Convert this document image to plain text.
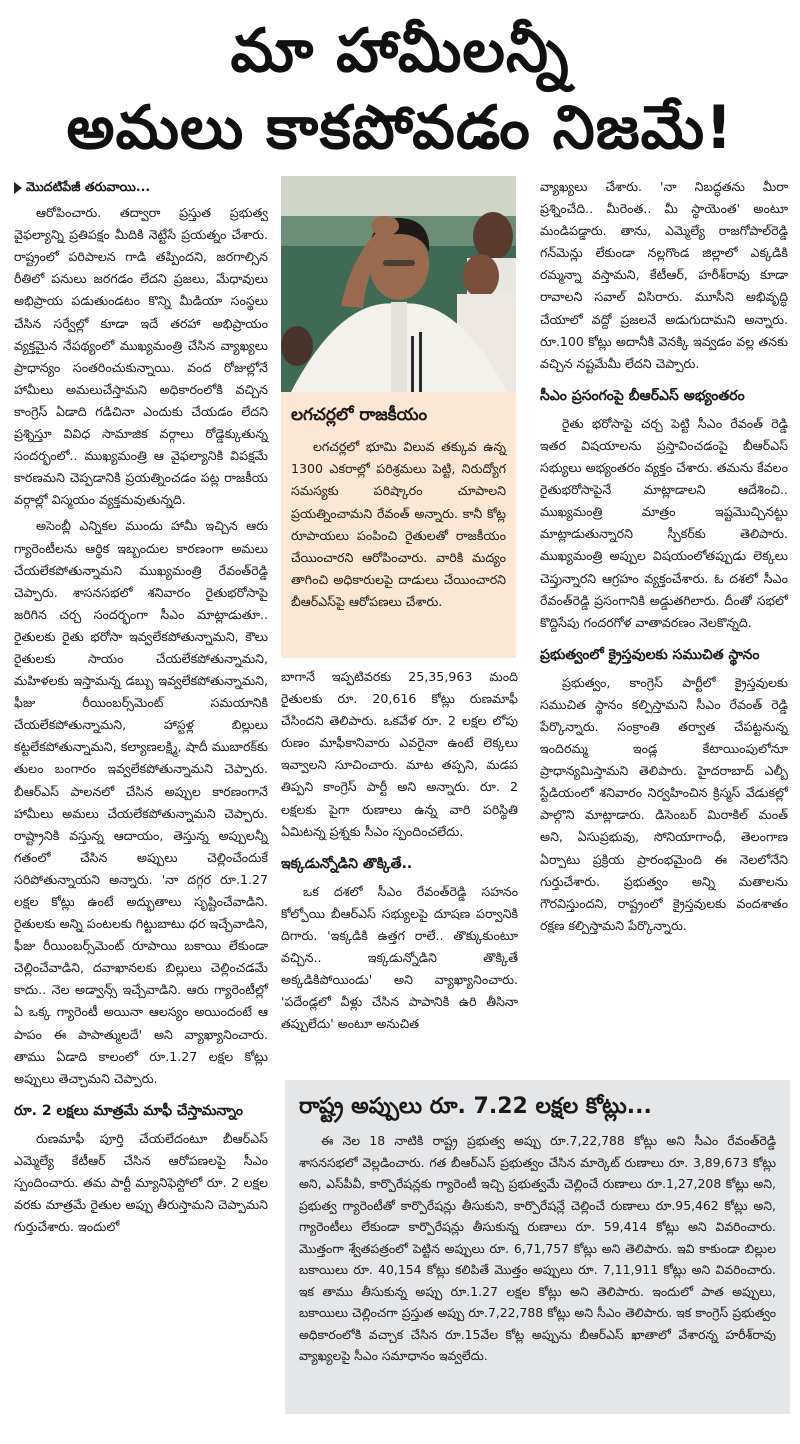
మా హామీలన్నీ
అమలు కాకపోవడం నిజమే!

మొదటిపేజీ తరువాయి...

ఆరోపించారు. తద్వారా ప్రస్తుత ప్రభుత్వ వైఫల్యాన్ని ప్రతిపక్షం మీదికి నెట్టేసే ప్రయత్నం చేశారు. రాష్ట్రంలో పరిపాలన గాడి తప్పిందని, జరగాల్సిన రీతిలో పనులు జరగడం లేదని ప్రజలు, మేధావులు అభిప్రాయ పడుతుండటం కొన్ని మీడియా సంస్థలు చేసిన సర్వేల్లో కూడా ఇదే తరహా అభిప్రాయం వ్యక్తమైన నేపథ్యంలో ముఖ్యమంత్రి చేసిన వ్యాఖ్యలు ప్రాధాన్యం సంతరించుకున్నాయి. వంద రోజుల్లోనే హామీలు అమలుచేస్తామని అధికారంలోకి వచ్చిన కాంగ్రెస్ ఏడాది గడిచినా ఎందుకు చేయడం లేదని ప్రశ్నిస్తూ వివిధ సామాజిక వర్గాలు రోడ్డెక్కుతున్న సందర్భంలో.. ముఖ్యమంత్రి ఆ వైఫల్యానికి విపక్షమే కారణమని చెప్పడానికి ప్రయత్నించడం పట్ల రాజకీయ వర్గాల్లో విస్మయం వ్యక్తమవుతున్నది.

అసెంబ్లీ ఎన్నికల ముందు హామీ ఇచ్చిన ఆరు గ్యారెంటీలను ఆర్థిక ఇబ్బందుల కారణంగా అమలు చేయలేకపోతున్నామని ముఖ్యమంత్రి రేవంత్‌రెడ్డి చెప్పారు. శాసనసభలో శనివారం రైతుభరోసాపై జరిగిన చర్చ సందర్భంగా సీఎం మాట్లాడుతూ.. రైతులకు రైతు భరోసా ఇవ్వలేకపోతున్నామని, కౌలు రైతులకు సాయం చేయలేకపోతున్నామని, మహిళలకు ఇస్తామన్న డబ్బు ఇవ్వలేకపోతున్నామని, ఫీజు రీయింబర్స్‌మెంట్ సమయానికి చేయలేకపోతున్నామని, హాస్టళ్ల బిల్లులు కట్టలేకపోతున్నామని, కల్యాణలక్ష్మి, షాదీ ముబారక్‌కు తులం బంగారం ఇవ్వలేకపోతున్నామని చెప్పారు. బీఆర్ఎస్ పాలనలో చేసిన అప్పుల కారణంగానే హామీలు అమలు చేయలేకపోతున్నామని చెప్పారు. రాష్ట్రానికి వస్తున్న ఆదాయం, తెస్తున్న అప్పులన్నీ గతంలో చేసిన అప్పులు చెల్లించేందుకే సరిపోతున్నాయని అన్నారు. 'నా దగ్గర రూ.1.27 లక్షల కోట్లు ఉంటే అద్భుతాలు సృష్టించేవాడిని. రైతులకు అన్ని పంటలకు గిట్టుబాటు ధర ఇచ్చేవాడిని, ఫీజు రీయింబర్స్‌మెంట్ రూపాయి బకాయి లేకుండా చెల్లించేవాడిని, దవాఖానలకు బిల్లులు చెల్లించడమే కాదు.. నెల అడ్వాన్స్ ఇచ్చేవాడిని. ఆరు గ్యారెంటీల్లో ఏ ఒక్క గ్యారెంటీ అయినా ఆలస్యం అయిందంటే ఆ పాపం ఈ పాపాత్ములదే' అని వ్యాఖ్యానించారు. తాము ఏడాది కాలంలో రూ.1.27 లక్షల కోట్లు అప్పులు తెచ్చామని చెప్పారు.

రూ. 2 లక్షలు మాత్రమే మాఫీ చేస్తామన్నాం

రుణమాఫీ పూర్తి చేయలేదంటూ బీఆర్ఎస్ ఎమ్మెల్యే కేటీఆర్ చేసిన ఆరోపణలపై సీఎం స్పందించారు. తమ పార్టీ మ్యానిఫెస్టోలో రూ. 2 లక్షల వరకు మాత్రమే రైతుల అప్పు తీరుస్తామని చెప్పామని గుర్తుచేశారు. ఇందులో

లగచర్లలో రాజకీయం
లగచర్లలో భూమి విలువ తక్కువ ఉన్న 1300 ఎకరాల్లో పరిశ్రమలు పెట్టి, నిరుద్యోగ సమస్యకు పరిష్కారం చూపాలని ప్రయత్నించామని రేవంత్ అన్నారు. కానీ కోట్ల రూపాయలు పంపించి రైతులతో రాజకీయం చేయించారని ఆరోపించారు. వారికి మద్యం తాగించి అధికారులపై దాడులు చేయించారని బీఆర్ఎస్‌పై ఆరోపణలు చేశారు.

బాగానే ఇప్పటివరకు 25,35,963 మంది రైతులకు రూ. 20,616 కోట్లు రుణమాఫీ చేసిందని తెలిపారు. ఒకవేళ రూ. 2 లక్షల లోపు రుణం మాఫీకానివారు ఎవరైనా ఉంటే లెక్కలు ఇవ్వాలని సూచించారు. మాట తప్పని, మడప తిప్పని కాంగ్రెస్ పార్టీ అని అన్నారు. రూ. 2 లక్షలకు పైగా రుణాలు ఉన్న వారి పరిస్థితి ఏమిటన్న ప్రశ్నకు సీఎం స్పందించలేదు.

ఇక్కడున్నోడిని తొక్కితే..

ఒక దశలో సీఎం రేవంత్‌రెడ్డి సహనం కోల్పోయి బీఆర్ఎస్ సభ్యులపై దూషణ పర్వానికి దిగారు. 'ఇక్కడికి ఉత్తగ రాలే.. తొక్కుకుంటూ వచ్చిన.. ఇక్కడున్నోడిని తొక్కితే అక్కడికిపోయిండు' అని వ్యాఖ్యానించారు. 'పదేండ్లలో వీళ్లు చేసిన పాపానికి ఉరి తీసినా తప్పులేదు' అంటూ అనుచిత

వ్యాఖ్యలు చేశారు. 'నా నిబద్ధతను మీరా ప్రశ్నించేది.. మీరెంత.. మీ స్థాయెంత' అంటూ మండిపడ్డారు. తాను, ఎమ్మెల్యే రాజగోపాల్‌రెడ్డి గన్‌మెన్లు లేకుండా నల్లగొండ జిల్లాలో ఎక్కడికి రమ్మన్నా వస్తామని, కేటీఆర్, హరీశ్‌రావు కూడా రావాలని సవాల్ విసిరారు. మూసీని అభివృద్ధి చేయాలో వద్దో ప్రజలనే అడుగుదామని అన్నారు. రూ.100 కోట్లు అదానీకి వెనక్కి ఇవ్వడం వల్ల తనకు వచ్చిన నష్టమేమీ లేదని చెప్పారు.

సీఎం ప్రసంగంపై బీఆర్ఎస్ అభ్యంతరం

రైతు భరోసాపై చర్చ పెట్టి సీఎం రేవంత్ రెడ్డి ఇతర విషయాలను ప్రస్తావించడంపై బీఆర్ఎస్ సభ్యులు అభ్యంతరం వ్యక్తం చేశారు. తమను కేవలం రైతుభరోసాపైనే మాట్లాడాలని ఆదేశించి.. ముఖ్యమంత్రి మాత్రం ఇష్టమొచ్చినట్టు మాట్లాడుతున్నారని స్పీకర్‌కు తెలిపారు. ముఖ్యమంత్రి అప్పుల విషయంలోతప్పుడు లెక్కలు చెప్తున్నారని ఆగ్రహం వ్యక్తంచేశారు. ఓ దశలో సీఎం రేవంత్‌రెడ్డి ప్రసంగానికి అడ్డుతగిలారు. దీంతో సభలో కొద్దిసేపు గందరగోళ వాతావరణం నెలకొన్నది.

ప్రభుత్వంలో క్రైస్తవులకు సముచిత స్థానం

ప్రభుత్వం, కాంగ్రెస్ పార్టీలో క్రైస్తవులకు సముచిత స్థానం కల్పిస్తామని సీఎం రేవంత్ రెడ్డి పేర్కొన్నారు. సంక్రాంతి తర్వాత చేపట్టనున్న ఇందిరమ్మ ఇండ్ల కేటాయింపులోనూ ప్రాధాన్యమిస్తామని తెలిపారు. హైదరాబాద్ ఎల్బీ స్టేడియంలో శనివారం నిర్వహించిన క్రిస్మస్ వేడుకల్లో పాల్గొని మాట్లాడారు. డిసెంబర్ మిరాకిల్ మంత్ అని, ఏసుప్రభువు, సోనియాగాంధీ, తెలంగాణ ఏర్పాటు ప్రక్రియ ప్రారంభమైంది ఈ నెలలోనేని గుర్తుచేశారు. ప్రభుత్వం అన్ని మతాలను గౌరవిస్తుందని, రాష్ట్రంలో క్రైస్తవులకు వందశాతం రక్షణ కల్పిస్తామని పేర్కొన్నారు.

రాష్ట్ర అప్పులు రూ. 7.22 లక్షల కోట్లు...
ఈ నెల 18 నాటికి రాష్ట్ర ప్రభుత్వ అప్పు రూ.7,22,788 కోట్లు అని సీఎం రేవంత్‌రెడ్డి శాసనసభలో వెల్లడించారు. గత బీఆర్ఎస్ ప్రభుత్వం చేసిన మార్కెట్ రుణాలు రూ. 3,89,673 కోట్లు అని, ఎస్‌పీవీ, కార్పొరేషన్లకు గ్యారెంటీ ఇచ్చి ప్రభుత్వమే చెల్లించే రుణాలు రూ.1,27,208 కోట్లు అని, ప్రభుత్వ గ్యారెంటీతో కార్పొరేషన్లు తీసుకుని, కార్పొరేషన్లే చెల్లించే రుణాలు రూ.95,462 కోట్లు అని, గ్యారెంటీలు లేకుండా కార్పొరేషన్లు తీసుకున్న రుణాలు రూ. 59,414 కోట్లు అని వివరించారు. మొత్తంగా శ్వేతపత్రంలో పెట్టిన అప్పులు రూ. 6,71,757 కోట్లు అని తెలిపారు. ఇవి కాకుండా బిల్లుల బకాయిలు రూ. 40,154 కోట్లు కలిపితే మొత్తం అప్పులు రూ. 7,11,911 కోట్లు అని వివరించారు. ఇక తాము తీసుకున్న అప్పు రూ.1.27 లక్షల కోట్లు అని తెలిపారు. ఇందులో పాత అప్పులు, బకాయిలు చెల్లించగా ప్రస్తుత అప్పు రూ.7,22,788 కోట్లు అని సీఎం తెలిపారు. ఇక కాంగ్రెస్ ప్రభుత్వం అధికారంలోకి వచ్చాక చేసిన రూ.15వేల కోట్ల అప్పును బీఆర్ఎస్ ఖాతాలో వేశారన్న హరీశ్‌రావు వ్యాఖ్యలపై సీఎం సమాధానం ఇవ్వలేదు.
